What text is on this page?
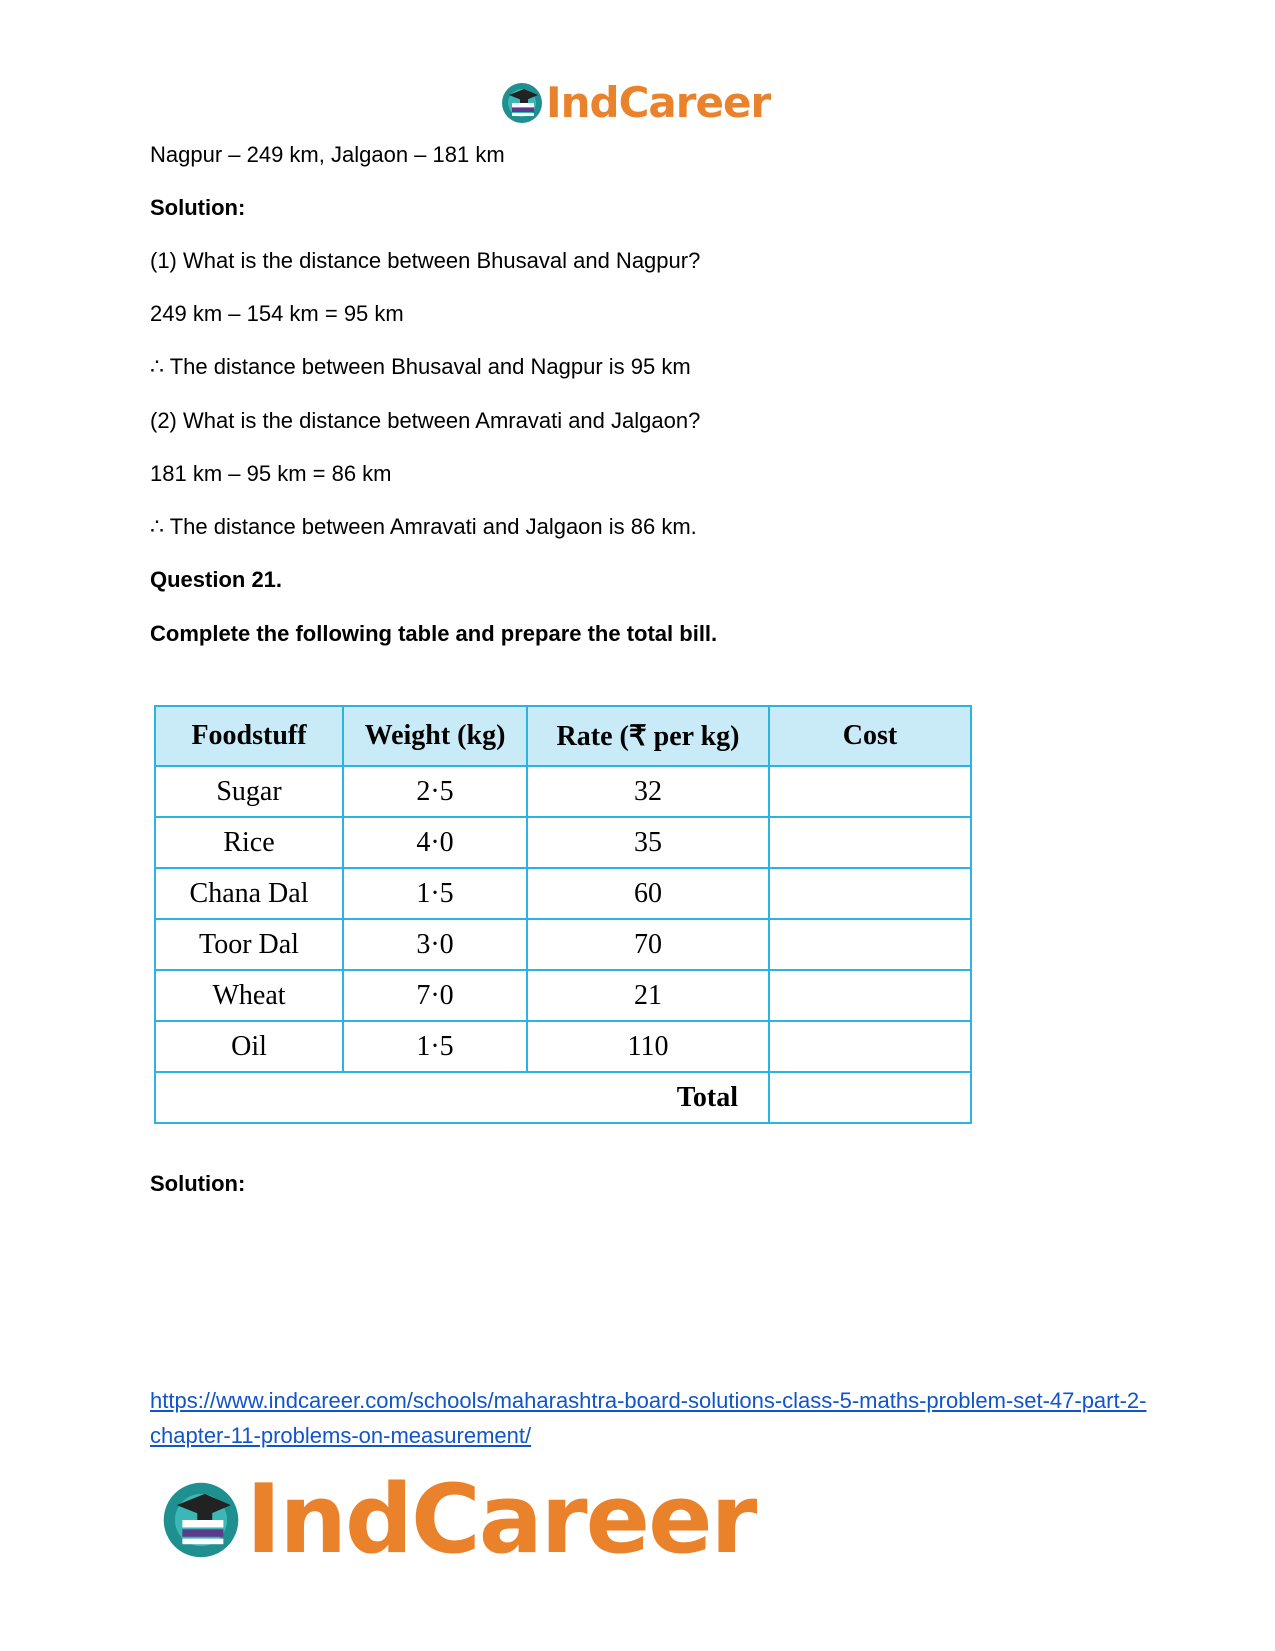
IndCareer
Nagpur – 249 km, Jalgaon – 181 km
Solution:
(1) What is the distance between Bhusaval and Nagpur?
249 km – 154 km = 95 km
∴ The distance between Bhusaval and Nagpur is 95 km
(2) What is the distance between Amravati and Jalgaon?
181 km – 95 km = 86 km
∴ The distance between Amravati and Jalgaon is 86 km.
Question 21.
Complete the following table and prepare the total bill.
Foodstuff	Weight (kg)	Rate (₹ per kg)	Cost
Sugar	2·5	32	
Rice	4·0	35	
Chana Dal	1·5	60	
Toor Dal	3·0	70	
Wheat	7·0	21	
Oil	1·5	110	
Total			
Solution:
https://www.indcareer.com/schools/maharashtra-board-solutions-class-5-maths-problem-set-47-part-2-chapter-11-problems-on-measurement/
IndCareer
